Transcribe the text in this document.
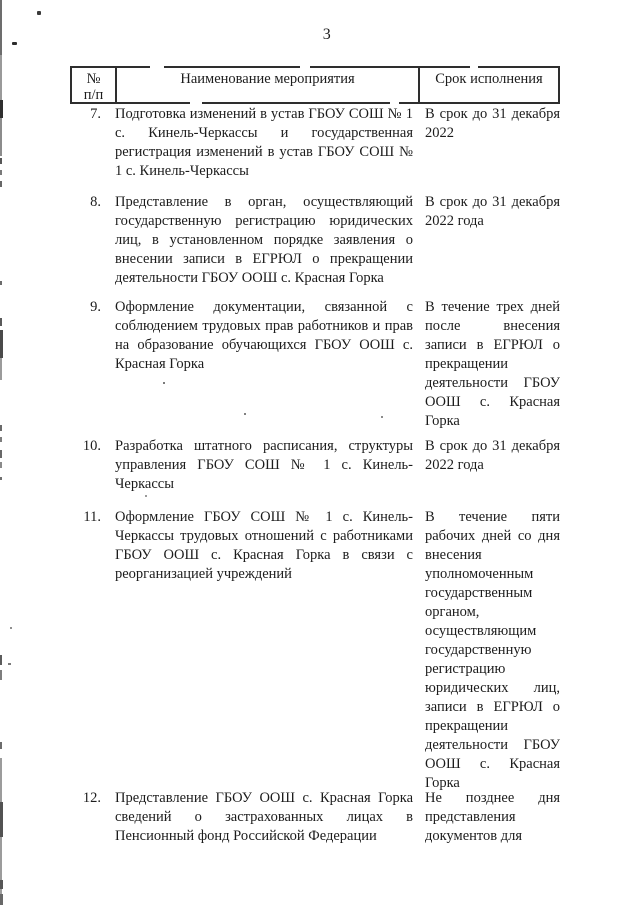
3
№
п/п
Наименование мероприятия	Срок исполнения
7. Подготовка изменений в устав ГБОУ СОШ № 1 с. Кинель-Черкассы и государственная регистрация изменений в устав ГБОУ СОШ № 1 с. Кинель-Черкассы
В срок до 31 декабря 2022
8. Представление в орган, осуществляющий государственную регистрацию юридических лиц, в установленном порядке заявления о внесении записи в ЕГРЮЛ о прекращении деятельности ГБОУ ООШ с. Красная Горка
В срок до 31 декабря 2022 года
9. Оформление документации, связанной с соблюдением трудовых прав работников и прав на образование обучающихся ГБОУ ООШ с. Красная Горка
В течение трех дней после внесения записи в ЕГРЮЛ о прекращении деятельности ГБОУ ООШ с. Красная Горка
10. Разработка штатного расписания, структуры управления ГБОУ СОШ № 1 с. Кинель-Черкассы
В срок до 31 декабря 2022 года
11. Оформление ГБОУ СОШ № 1 с. Кинель-Черкассы трудовых отношений с работниками ГБОУ ООШ с. Красная Горка в связи с реорганизацией учреждений
В течение пяти рабочих дней со дня внесения уполномоченным государственным органом, осуществляющим государственную регистрацию юридических лиц, записи в ЕГРЮЛ о прекращении деятельности ГБОУ ООШ с. Красная Горка
12. Представление ГБОУ ООШ с. Красная Горка сведений о застрахованных лицах в Пенсионный фонд Российской Федерации
Не позднее дня представления документов для
